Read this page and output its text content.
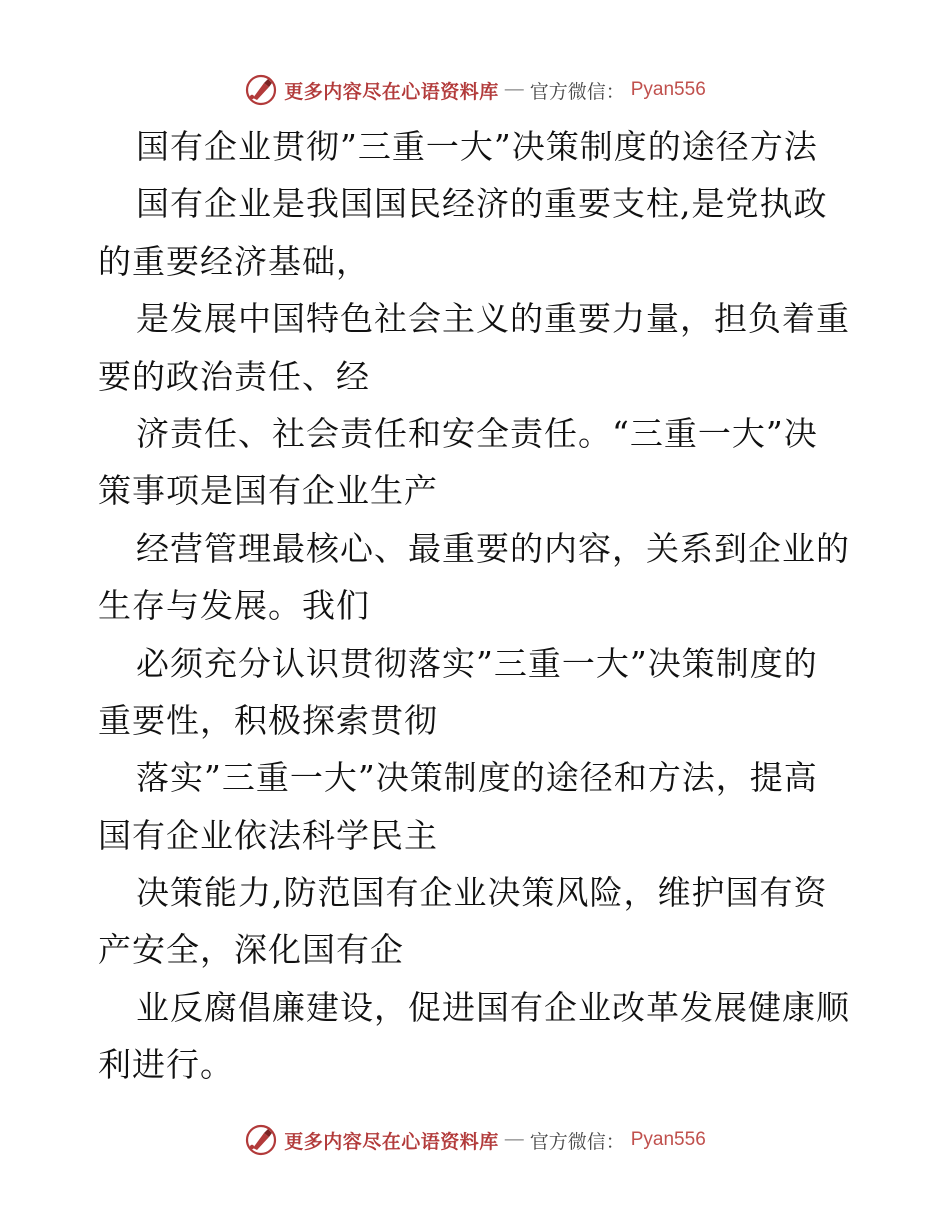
更多内容尽在心语资料库 — 官方微信： Pyan556
国有企业贯彻”三重一大”决策制度的途径方法
国有企业是我国国民经济的重要支柱,是党执政
的重要经济基础，
是发展中国特色社会主义的重要力量，担负着重
要的政治责任、经
济责任、社会责任和安全责任。“三重一大”决
策事项是国有企业生产
经营管理最核心、最重要的内容，关系到企业的
生存与发展。我们
必须充分认识贯彻落实”三重一大”决策制度的
重要性，积极探索贯彻
落实”三重一大”决策制度的途径和方法，提高
国有企业依法科学民主
决策能力,防范国有企业决策风险，维护国有资
产安全，深化国有企
业反腐倡廉建设，促进国有企业改革发展健康顺
利进行。
更多内容尽在心语资料库 — 官方微信： Pyan556
